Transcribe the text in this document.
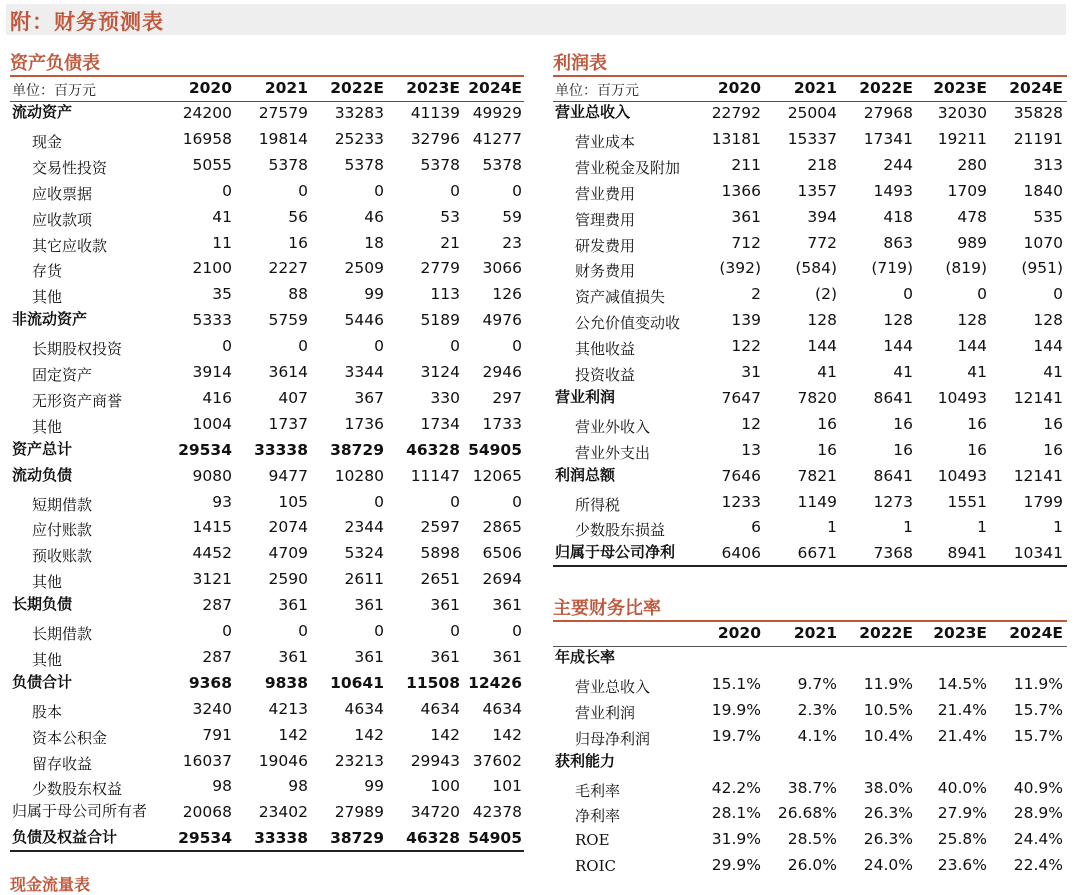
附：财务预测表
资产负债表
单位：百万元	2020	2021	2022E	2023E 2024E
流动资产	24200	27579	33283	41139 49929
现金	16958	19814	25233	32796 41277
交易性投资	5055	5378	5378	5378	5378
应收票据	0	0	0	0	0
应收款项	41	56	46	53	59
其它应收款	11	16	18	21	23
存货	2100	2227	2509	2779	3066
其他	35	88	99	113	126
非流动资产	5333	5759	5446	5189	4976
长期股权投资	0	0	0	0	0
固定资产	3914	3614	3344	3124	2946
无形资产商誉	416	407	367	330	297
其他	1004	1737	1736	1734	1733
资产总计	29534	33338	38729	46328 54905
流动负债	9080	9477	10280	11147 12065
短期借款	93	105	0	0	0
应付账款	1415	2074	2344	2597	2865
预收账款	4452	4709	5324	5898	6506
其他	3121	2590	2611	2651	2694
长期负债	287	361	361	361	361
长期借款	0	0	0	0	0
其他	287	361	361	361	361
负债合计	9368	9838	10641	11508 12426
股本	3240	4213	4634	4634	4634
资本公积金	791	142	142	142	142
留存收益	16037	19046	23213	29943 37602
少数股东权益	98	98	99	100	101
归属于母公司所有者	20068	23402	27989	34720 42378
负债及权益合计	29534	33338	38729	46328 54905
利润表
单位：百万元	2020	2021	2022E	2023E	2024E
营业总收入	22792	25004	27968	32030	35828
营业成本	13181	15337	17341	19211	21191
营业税金及附加	211	218	244	280	313
营业费用	1366	1357	1493	1709	1840
管理费用	361	394	418	478	535
研发费用	712	772	863	989	1070
财务费用	(392)	(584)	(719)	(819)	(951)
资产减值损失	2	(2)	0	0	0
公允价值变动收	139	128	128	128	128
其他收益	122	144	144	144	144
投资收益	31	41	41	41	41
营业利润	7647	7820	8641	10493	12141
营业外收入	12	16	16	16	16
营业外支出	13	16	16	16	16
利润总额	7646	7821	8641	10493	12141
所得税	1233	1149	1273	1551	1799
少数股东损益	6	1	1	1	1
归属于母公司净利	6406	6671	7368	8941	10341
主要财务比率
2020	2021	2022E	2023E	2024E
年成长率
营业总收入	15.1%	9.7%	11.9%	14.5%	11.9%
营业利润	19.9%	2.3%	10.5%	21.4%	15.7%
归母净利润	19.7%	4.1%	10.4%	21.4%	15.7%
获利能力
毛利率	42.2%	38.7%	38.0%	40.0%	40.9%
净利率	28.1%	26.68%	26.3%	27.9%	28.9%
ROE	31.9%	28.5%	26.3%	25.8%	24.4%
ROIC	29.9%	26.0%	24.0%	23.6%	22.4%
现金流量表
